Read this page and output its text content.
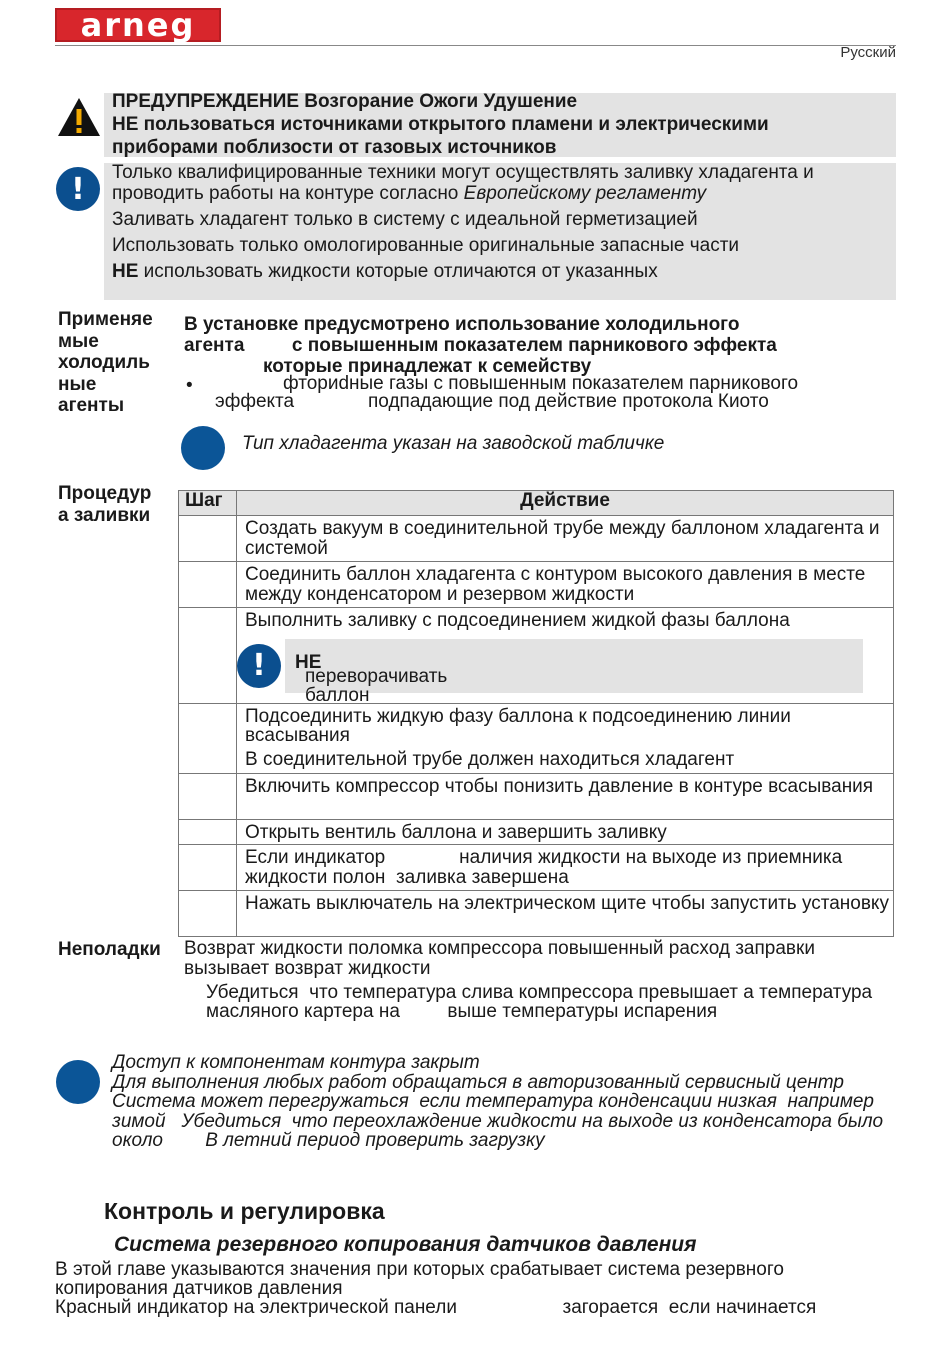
arneg
Русский
ПРЕДУПРЕЖДЕНИЕ Возгорание Ожоги Удушение
НЕ пользоваться источниками открытого пламени и электрическими
приборами поблизости от газовых источников
!	Только квалифицированные техники могут осуществлять заливку хладагента и проводить работы на контуре согласно Европейскому регламенту

Заливать хладагент только в систему с идеальной герметизацией

Использовать только омологированные оригинальные запасные части

НЕ использовать жидкости которые отличаются от указанных

Применяе
мые
холодиль
ные
агенты
В установке предусмотрено использование холодильного
агента         с повышенным показателем парникового эффекта
которые принадлежат к семейству
•	фториdные газы с повышенным показателем парникового
эффекта              подпадающие под действие протокола Киото
Тип хладагента указан на заводской табличке
Процедур
а заливки
Шаг	Действие
	Создать вакуум в соединительной трубе между баллоном хладагента и системой
	Соединить баллон хладагента с контуром высокого давления в месте между конденсатором и резервом жидкости

	Выполнить заливку с подсоединением жидкой фазы баллона
! НЕ
переворачивать баллон

	Подсоединить жидкую фазу баллона к подсоединению линии всасывания
В соединительной трубе должен находиться хладагент

	Включить компрессор чтобы понизить давление в контуре всасывания
	Открыть вентиль баллона и завершить заливку
	Если индикатор              наличия жидкости на выходе из приемника жидкости полон  заливка завершена
	Нажать выключатель на электрическом щите чтобы запустить установку
Неполадки Возврат жидкости поломка компрессора повышенный расход заправки вызывает возврат жидкости
Убедиться  что температура слива компрессора превышает а температура масляного картера на         выше температуры испарения

Доступ к компонентам контура закрыт

Для выполнения любых работ обращаться в авторизованный сервисный центр

Система может перегружаться  если температура конденсации низкая  например  зимой   Убедиться  что переохлаждение жидкости на выходе из конденсатора было около        В летний период проверить загрузку

Контроль и регулировка
Система резервного копирования датчиков давления

В этой главе указываются значения при которых срабатывает система резервного копирования датчиков давления

Красный индикатор на электрической панели                    загорается  если начинается
